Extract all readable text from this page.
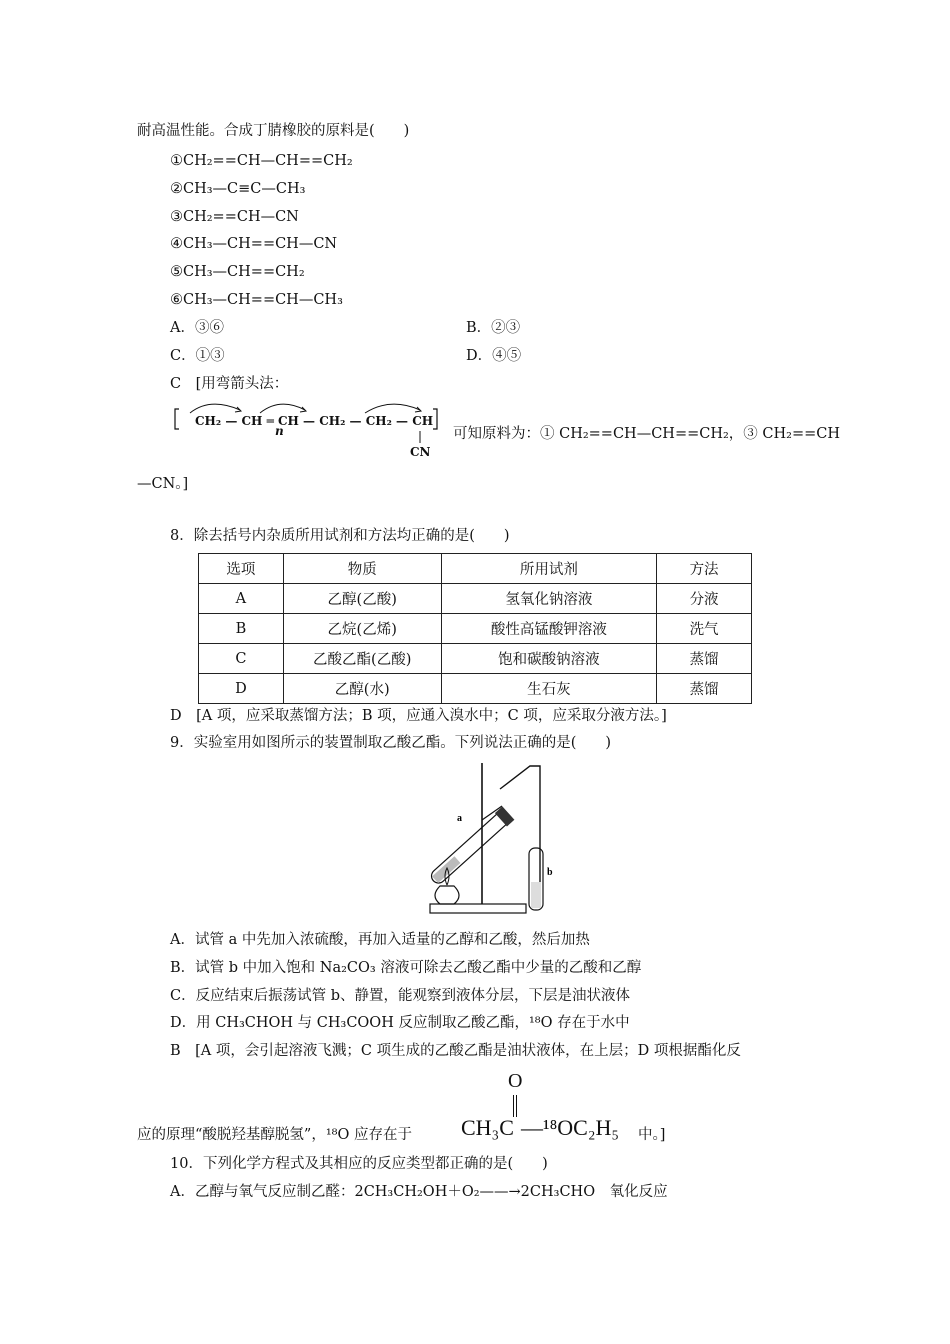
耐高温性能。合成丁腈橡胶的原料是(　　)
①CH₂==CH—CH==CH₂
②CH₃—C≡C—CH₃
③CH₂==CH—CN
④CH₃—CH==CH—CN
⑤CH₃—CH==CH₂
⑥CH₃—CH==CH—CH₃
A．③⑥	B．②③
C．①③	D．④⑤
C　[用弯箭头法：
CH₂ — CH ═ CH — CH₂ — CH₂ — CH
n
CN
可知原料为：① CH₂==CH—CH==CH₂，③ CH₂==CH
—CN。]
8．除去括号内杂质所用试剂和方法均正确的是(　　)
选项	物质	所用试剂	方法
A	乙醇(乙酸)	氢氧化钠溶液	分液
B	乙烷(乙烯)	酸性高锰酸钾溶液	洗气
C	乙酸乙酯(乙酸)	饱和碳酸钠溶液	蒸馏
D	乙醇(水)	生石灰	蒸馏
D　[A 项，应采取蒸馏方法；B 项，应通入溴水中；C 项，应采取分液方法。]
9．实验室用如图所示的装置制取乙酸乙酯。下列说法正确的是(　　)
a
b
A．试管 a 中先加入浓硫酸，再加入适量的乙醇和乙酸，然后加热
B．试管 b 中加入饱和 Na₂CO₃ 溶液可除去乙酸乙酯中少量的乙酸和乙醇
C．反应结束后振荡试管 b、静置，能观察到液体分层，下层是油状液体
D．用 CH₃CHOH 与 CH₃COOH 反应制取乙酸乙酯，¹⁸O 存在于水中
B　[A 项，会引起溶液飞溅；C 项生成的乙酸乙酯是油状液体，在上层；D 项根据酯化反
应的原理“酸脱羟基醇脱氢”，¹⁸O 应存在于
O
CH₃C —¹⁸OC₂H₅ 中。]
10．下列化学方程式及其相应的反应类型都正确的是(　　)
A．乙醇与氧气反应制乙醛：2CH₃CH₂OH＋O₂——→2CH₃CHO　氧化反应
